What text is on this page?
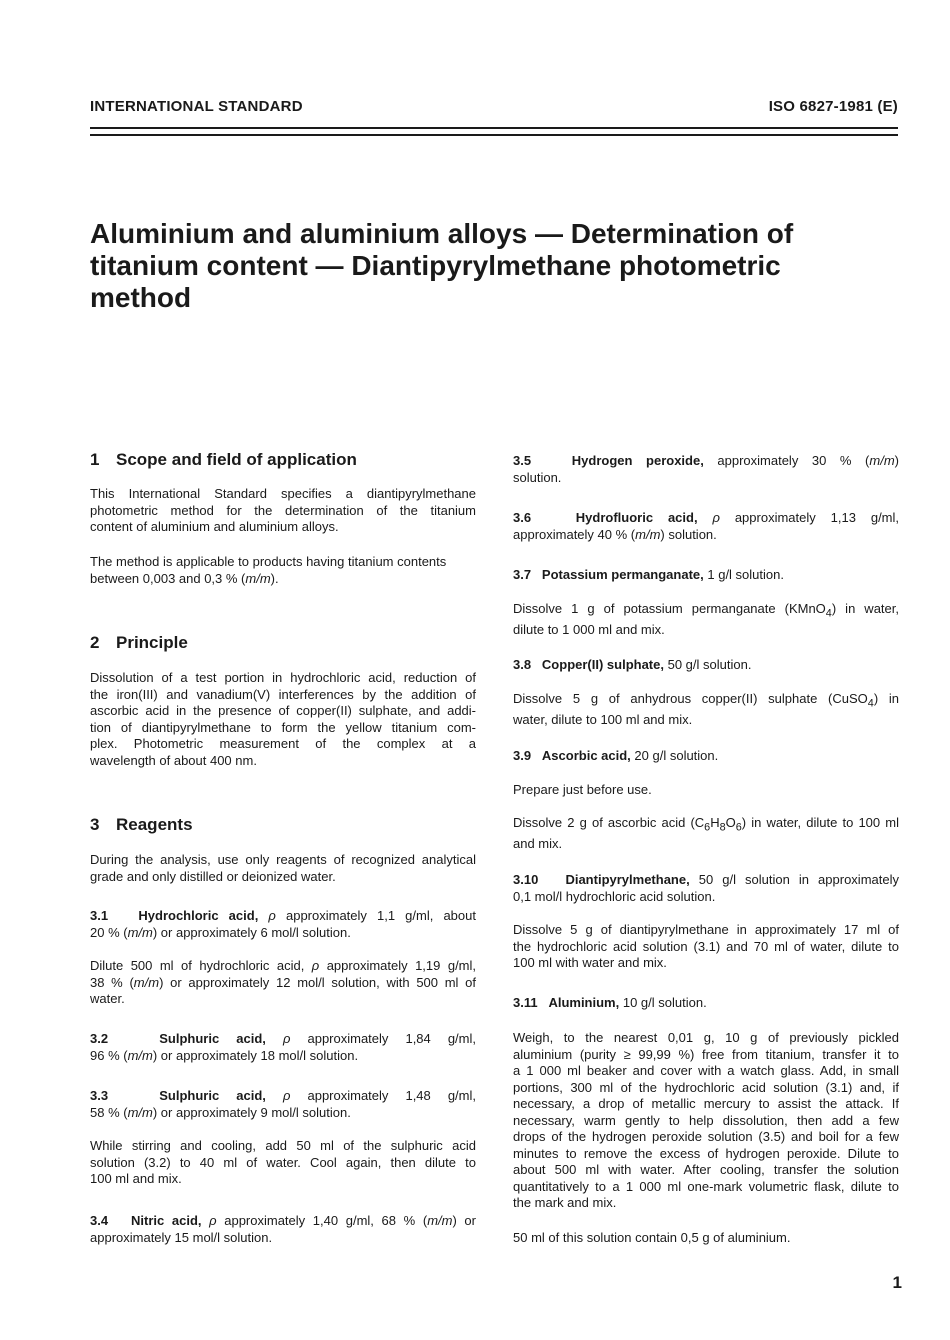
INTERNATIONAL STANDARD	ISO 6827-1981 (E)
Aluminium and aluminium alloys — Determination of
titanium content — Diantipyrylmethane photometric
method
1 Scope and field of application
This International Standard specifies a diantipyrylmethane
photometric method for the determination of the titanium
content of aluminium and aluminium alloys.
The method is applicable to products having titanium contents
between 0,003 and 0,3 % (m/m).
2 Principle
Dissolution of a test portion in hydrochloric acid, reduction of
the iron(III) and vanadium(V) interferences by the addition of
ascorbic acid in the presence of copper(II) sulphate, and addi-
tion of diantipyrylmethane to form the yellow titanium com-
plex. Photometric measurement of the complex at a
wavelength of about 400 nm.
3 Reagents
During the analysis, use only reagents of recognized analytical
grade and only distilled or deionized water.
3.1 Hydrochloric acid, ρ approximately 1,1 g/ml, about
20 % (m/m) or approximately 6 mol/l solution.
Dilute 500 ml of hydrochloric acid, ρ approximately 1,19 g/ml,
38 % (m/m) or approximately 12 mol/l solution, with 500 ml of
water.
3.2	Sulphuric acid, ρ approximately 1,84 g/ml,
96 % (m/m) or approximately 18 mol/l solution.
3.3	Sulphuric acid, ρ approximately 1,48 g/ml,
58 % (m/m) or approximately 9 mol/l solution.
While stirring and cooling, add 50 ml of the sulphuric acid
solution (3.2) to 40 ml of water. Cool again, then dilute to
100 ml and mix.
3.4 Nitric acid, ρ approximately 1,40 g/ml, 68 % (m/m) or
approximately 15 mol/l solution.
3.5	Hydrogen peroxide, approximately 30 % (m/m)
solution.
3.6	Hydrofluoric acid, ρ approximately 1,13 g/ml,
approximately 40 % (m/m) solution.
3.7 Potassium permanganate, 1 g/l solution.
Dissolve 1 g of potassium permanganate (KMnO$_4$) in water,
dilute to 1 000 ml and mix.
3.8 Copper(II) sulphate, 50 g/l solution.
Dissolve 5 g of anhydrous copper(II) sulphate (CuSO$_4$) in
water, dilute to 100 ml and mix.
3.9 Ascorbic acid, 20 g/l solution.
Prepare just before use.
Dissolve 2 g of ascorbic acid $(C_6H_8O_6)$ in water, dilute to 100 ml
and mix.
3.10 Diantipyrylmethane, 50 g/l solution in approximately
0,1 mol/l hydrochloric acid solution.
Dissolve 5 g of diantipyrylmethane in approximately 17 ml of
the hydrochloric acid solution (3.1) and 70 ml of water, dilute to
100 ml with water and mix.
3.11 Aluminium, 10 g/l solution.
Weigh, to the nearest 0,01 g, 10 g of previously pickled
aluminium (purity ≥ 99,99 %) free from titanium, transfer it to
a 1 000 ml beaker and cover with a watch glass. Add, in small
portions, 300 ml of the hydrochloric acid solution (3.1) and, if
necessary, a drop of metallic mercury to assist the attack. If
necessary, warm gently to help dissolution, then add a few
drops of the hydrogen peroxide solution (3.5) and boil for a few
minutes to remove the excess of hydrogen peroxide. Dilute to
about 500 ml with water. After cooling, transfer the solution
quantitatively to a 1 000 ml one-mark volumetric flask, dilute to
the mark and mix.
50 ml of this solution contain 0,5 g of aluminium.
1
